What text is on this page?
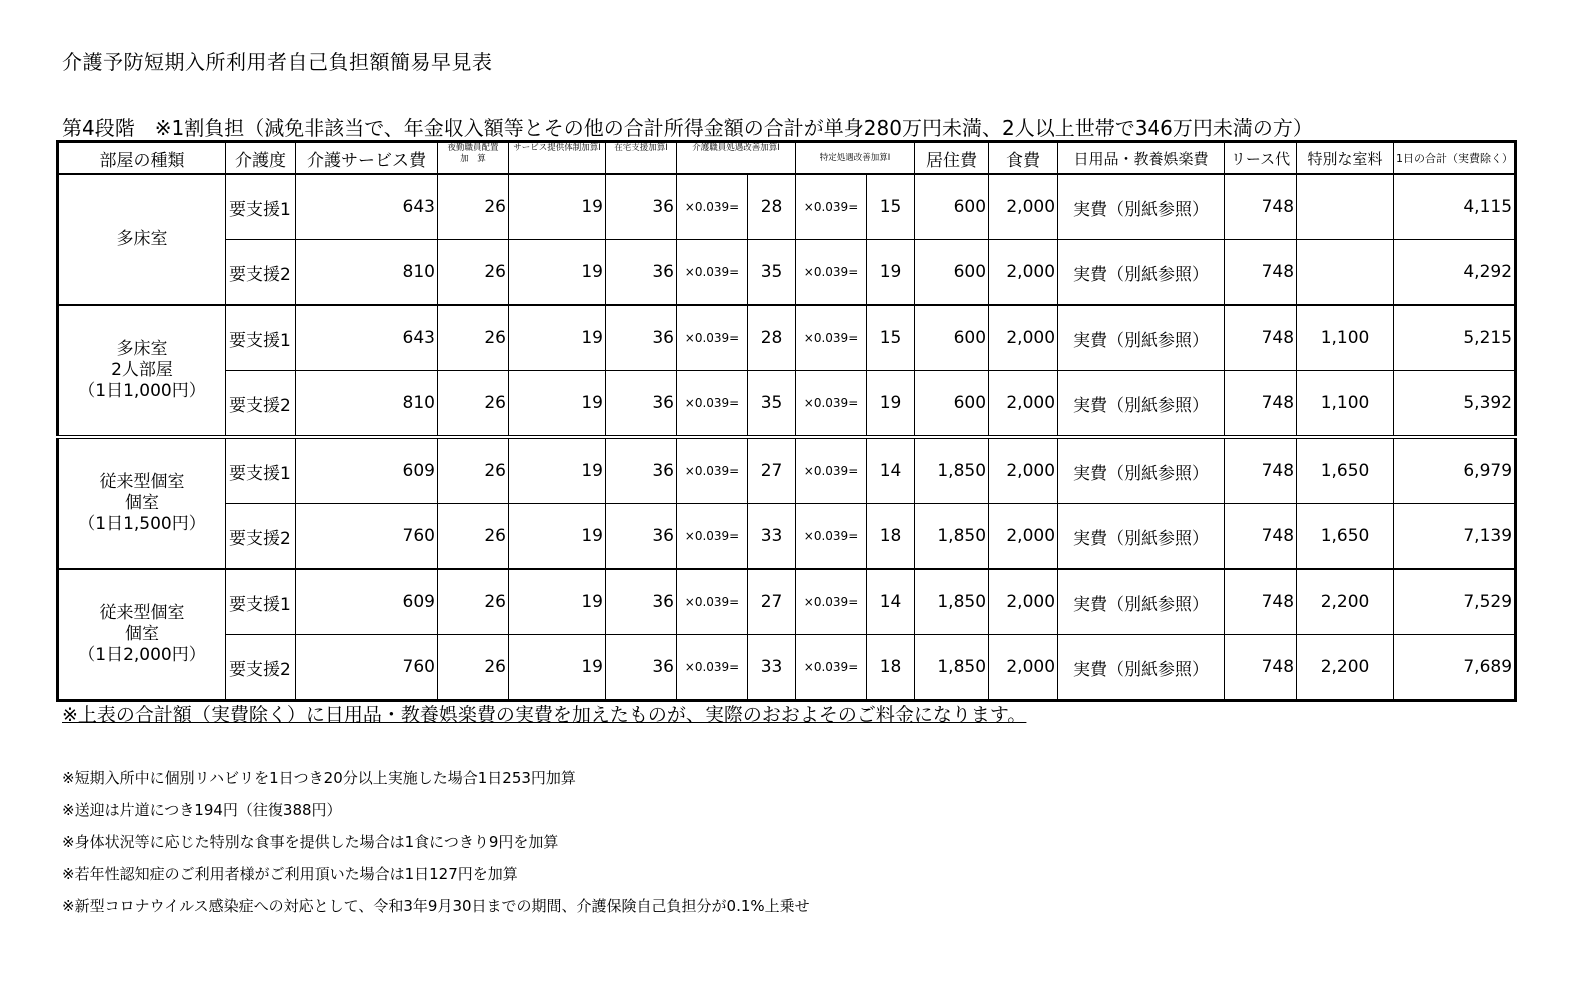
介護予防短期入所利用者自己負担額簡易早見表
第4段階　※1割負担（減免非該当で、年金収入額等とその他の合計所得金額の合計が単身280万円未満、2人以上世帯で346万円未満の方）
部屋の種類	介護度	介護サービス費	夜勤職員配置　加　算	サービス提供体制加算Ⅰ	在宅支援加算Ⅰ	介護職員処遇改善加算Ⅰ		特定処遇改善加算Ⅰ		居住費	食費	日用品・教養娯楽費	リース代	特別な室料	1日の合計（実費除く）

多床室	要支援1	643	26	19	36	×0.039=	28	×0.039=	15	600	2,000	実費（別紙参照）	748		4,115
	要支援2	810	26	19	36	×0.039=	35	×0.039=	19	600	2,000	実費（別紙参照）	748		4,292

多床室
2人部屋
（1日1,000円）	要支援1	643	26	19	36	×0.039=	28	×0.039=	15	600	2,000	実費（別紙参照）	748	1,100	5,215
	要支援2	810	26	19	36	×0.039=	35	×0.039=	19	600	2,000	実費（別紙参照）	748	1,100	5,392

従来型個室
個室
（1日1,500円）	要支援1	609	26	19	36	×0.039=	27	×0.039=	14	1,850	2,000	実費（別紙参照）	748	1,650	6,979
	要支援2	760	26	19	36	×0.039=	33	×0.039=	18	1,850	2,000	実費（別紙参照）	748	1,650	7,139

従来型個室
個室
（1日2,000円）	要支援1	609	26	19	36	×0.039=	27	×0.039=	14	1,850	2,000	実費（別紙参照）	748	2,200	7,529
	要支援2	760	26	19	36	×0.039=	33	×0.039=	18	1,850	2,000	実費（別紙参照）	748	2,200	7,689
※上表の合計額（実費除く）に日用品・教養娯楽費の実費を加えたものが、実際のおおよそのご料金になります。
※短期入所中に個別リハビリを1日つき20分以上実施した場合1日253円加算
※送迎は片道につき194円（往復388円）
※身体状況等に応じた特別な食事を提供した場合は1食につきり9円を加算
※若年性認知症のご利用者様がご利用頂いた場合は1日127円を加算
※新型コロナウイルス感染症への対応として、令和3年9月30日までの期間、介護保険自己負担分が0.1%上乗せ
